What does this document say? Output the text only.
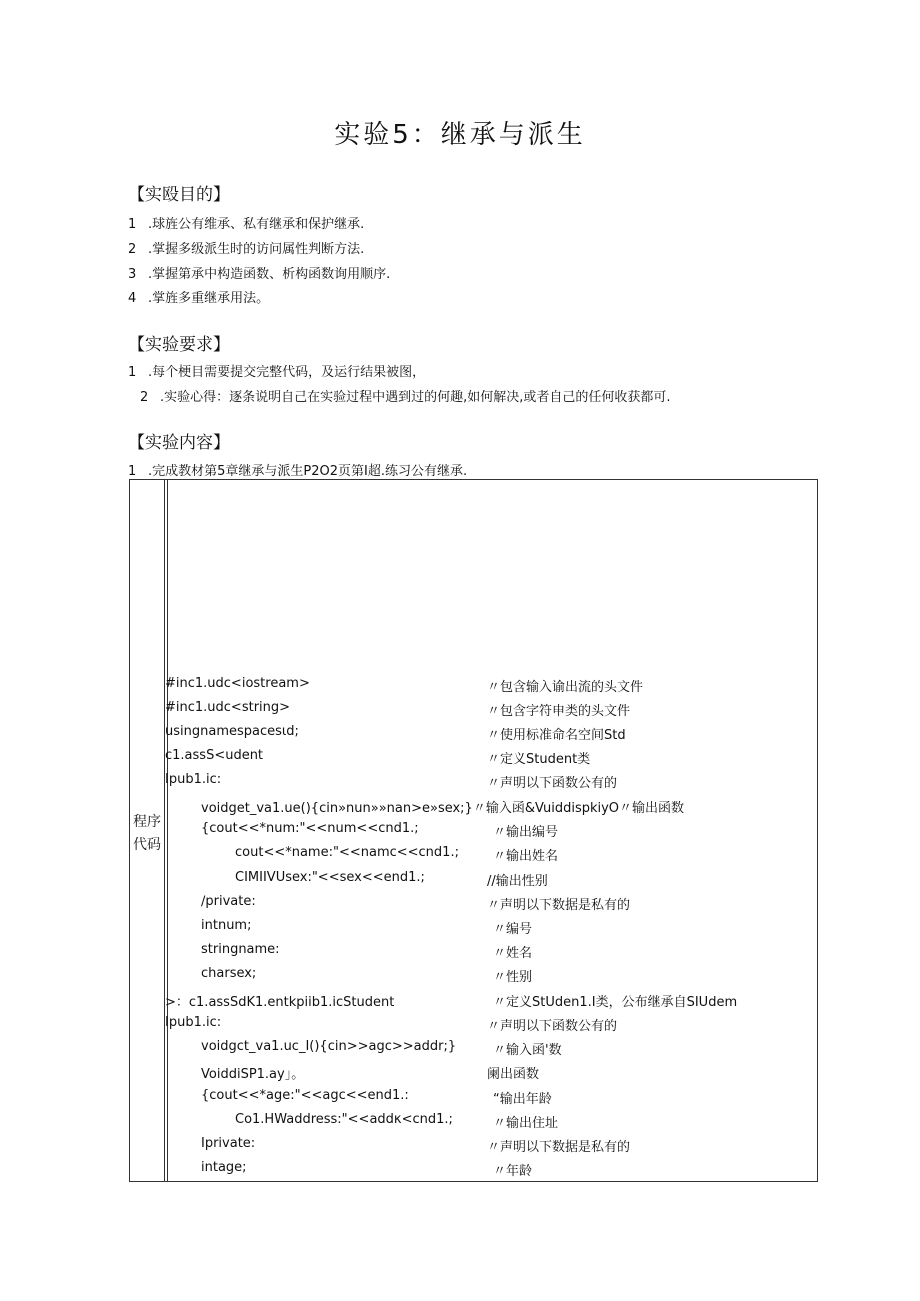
实验5：继承与派生
【实殴目的】
1 .球旌公有维承、私有继承和保护继承.
2 .掌握多级派生时的访问属性判断方法.
3 .掌握第承中构造函数、析构函数询用顺序.
4 .掌旌多重继承用法。
【实验要求】
1 .每个梗目需要提交完整代码，及运行结果被图，
2 .实验心得：逐条说明自己在实验过程中遇到过的何趣,如何解决,或者自己的任何收获都可.
【实验内容】
1 .完成教材第5章继承与派生P2O2页第I超.练习公有继承.
程序
代码
#inc1.udc<iostream>	〃包含输入谕出流的头文件
#inc1.udc<string>	〃包含字符申类的头文件
usingnamespacesιd;	〃使用标准命名空间Std
c1.assS<udent	〃定义Student类
Ipub1.ic:	〃声明以下函数公有的
voidget_va1.ue(){cin»nun»»nan>e»sex;}〃输入函&VuiddispkiyO〃输出函数
{cout<<*num:"<<num<<cnd1.;	〃输出编号
cout<<*name:"<<namc<<cnd1.;	〃输出姓名
CIMIIVUsex:"<<sex<<end1.;	//输出性别
∕private:	〃声明以下数据是私有的
intnum;	〃编号
stringname:	〃姓名
charsex;	〃性别
>：c1.assSdK1.entkpiib1.icStudent	〃定义StUden1.I类，公布继承自SIUdem
Ipub1.ic:	〃声明以下函数公有的
voidgct_va1.uc_I(){cin>>agc>>addr;}	〃输入函'数
VoiddiSP1.ay」。	阑出函数
{cout<<*age:"<<agc<<end1.:	“输出年龄
Co1.HWaddress:"<<addκ<cnd1.;	〃输出住址
Iprivate:	〃声明以下数据是私有的
intage;	〃年龄
